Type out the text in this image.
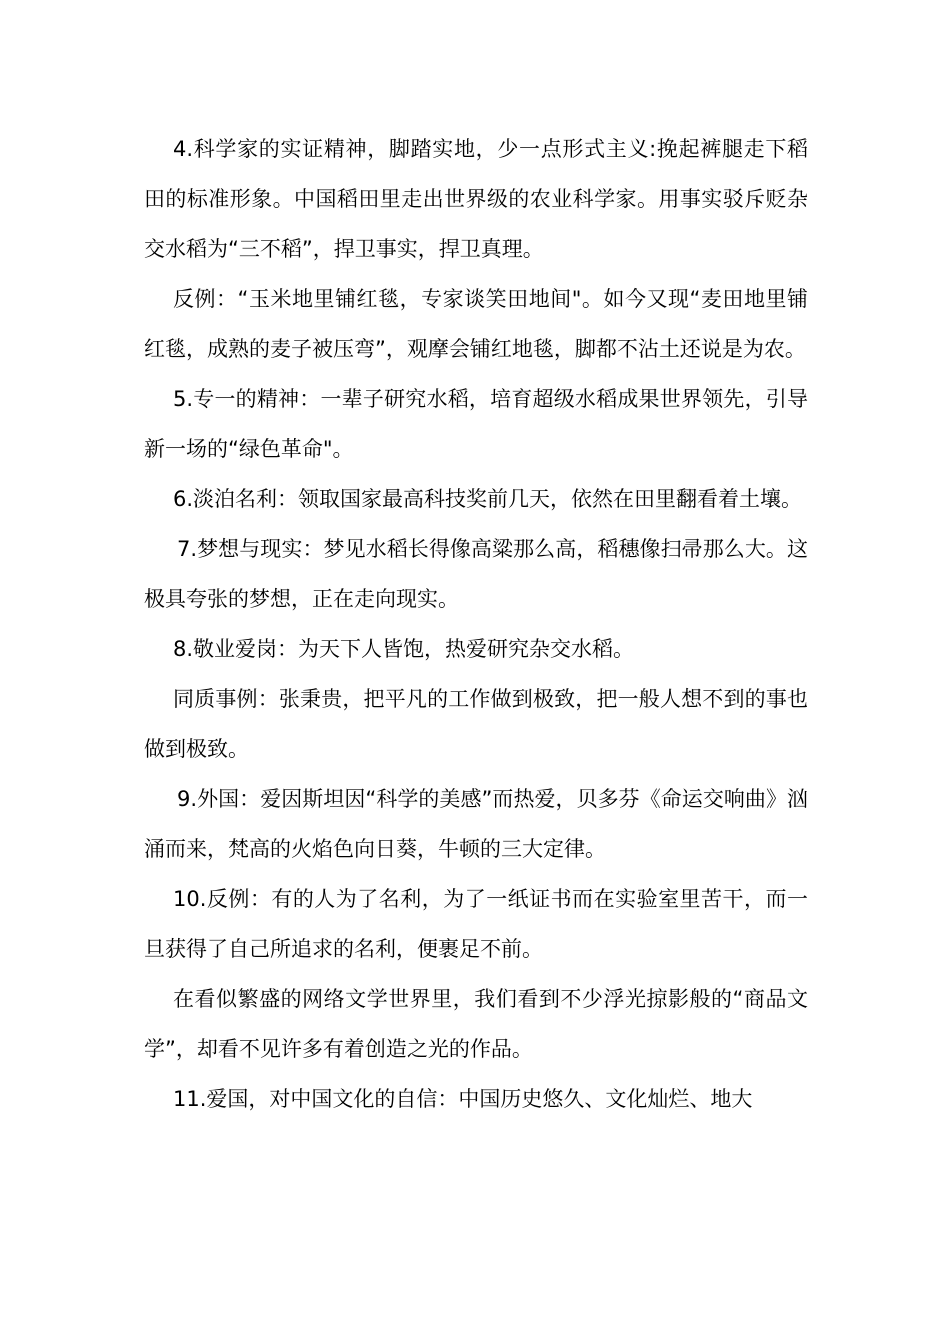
4.科学家的实证精神，脚踏实地，少一点形式主义:挽起裤腿走下稻田的标准形象。中国稻田里走出世界级的农业科学家。用事实驳斥贬杂交水稻为“三不稻”，捍卫事实，捍卫真理。

反例：“玉米地里铺红毯，专家谈笑田地间"。如今又现“麦田地里铺红毯，成熟的麦子被压弯”，观摩会铺红地毯，脚都不沾土还说是为农。

5.专一的精神：一辈子研究水稻，培育超级水稻成果世界领先，引导新一场的“绿色革命"。

6.淡泊名利：领取国家最高科技奖前几天，依然在田里翻看着土壤。

7.梦想与现实：梦见水稻长得像高粱那么高，稻穗像扫帚那么大。这极具夸张的梦想，正在走向现实。

8.敬业爱岗：为天下人皆饱，热爱研究杂交水稻。

同质事例：张秉贵，把平凡的工作做到极致，把一般人想不到的事也做到极致。

9.外国：爱因斯坦因“科学的美感”而热爱，贝多芬《命运交响曲》汹涌而来，梵高的火焰色向日葵，牛顿的三大定律。

10.反例：有的人为了名利，为了一纸证书而在实验室里苦干，而一旦获得了自己所追求的名利，便裹足不前。

在看似繁盛的网络文学世界里，我们看到不少浮光掠影般的“商品文学”，却看不见许多有着创造之光的作品。

11.爱国，对中国文化的自信：中国历史悠久、文化灿烂、地大
